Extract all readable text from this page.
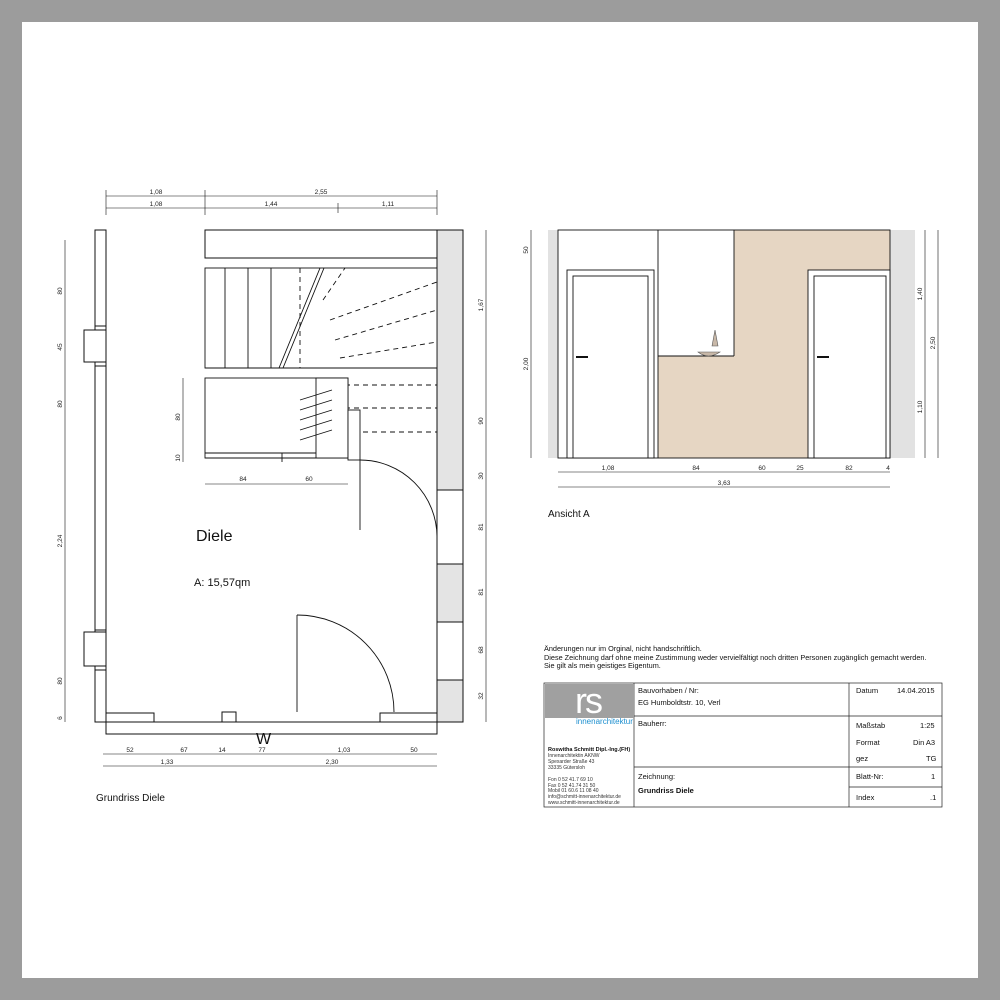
1,08	2,55
1,08	1,44	1,11
80
45
80
2,24
80
6
1,67
90
30
81
81
68
32
80
10
84	60
52	67	14	77	1,03	50
1,33	2,30
50
2,00
1,40
1,10
2,50
1,08	84	60	25	82	4
3,63
Diele
A: 15,57qm
W
Grundriss Diele
Ansicht A
Änderungen nur im Orginal, nicht handschriftlich.
Diese Zeichnung darf ohne meine Zustimmung weder vervielfältigt noch dritten Personen zugänglich gemacht werden.
Sie gilt als mein geistiges Eigentum.
rs
innenarchitektur
Roswitha Schmitt Dipl.-Ing.(FH)
Innenarchitektin AKNW
Spexarder Straße 43
33335 Gütersloh
Fon 0 52 41.7 69 10
Fax 0 52 41.74 31 50
Mobil 01 60.6 11 08 40
info@schmitt-innenarchitektur.de
www.schmitt-innenarchitektur.de
Bauvorhaben / Nr:
EG Humboldtstr. 10, Verl
Bauherr:
Zeichnung:
Grundriss Diele
Datum	14.04.2015
Maßstab	1:25
Format	Din A3
gez	TG
Blatt-Nr:	1
Index	.1
